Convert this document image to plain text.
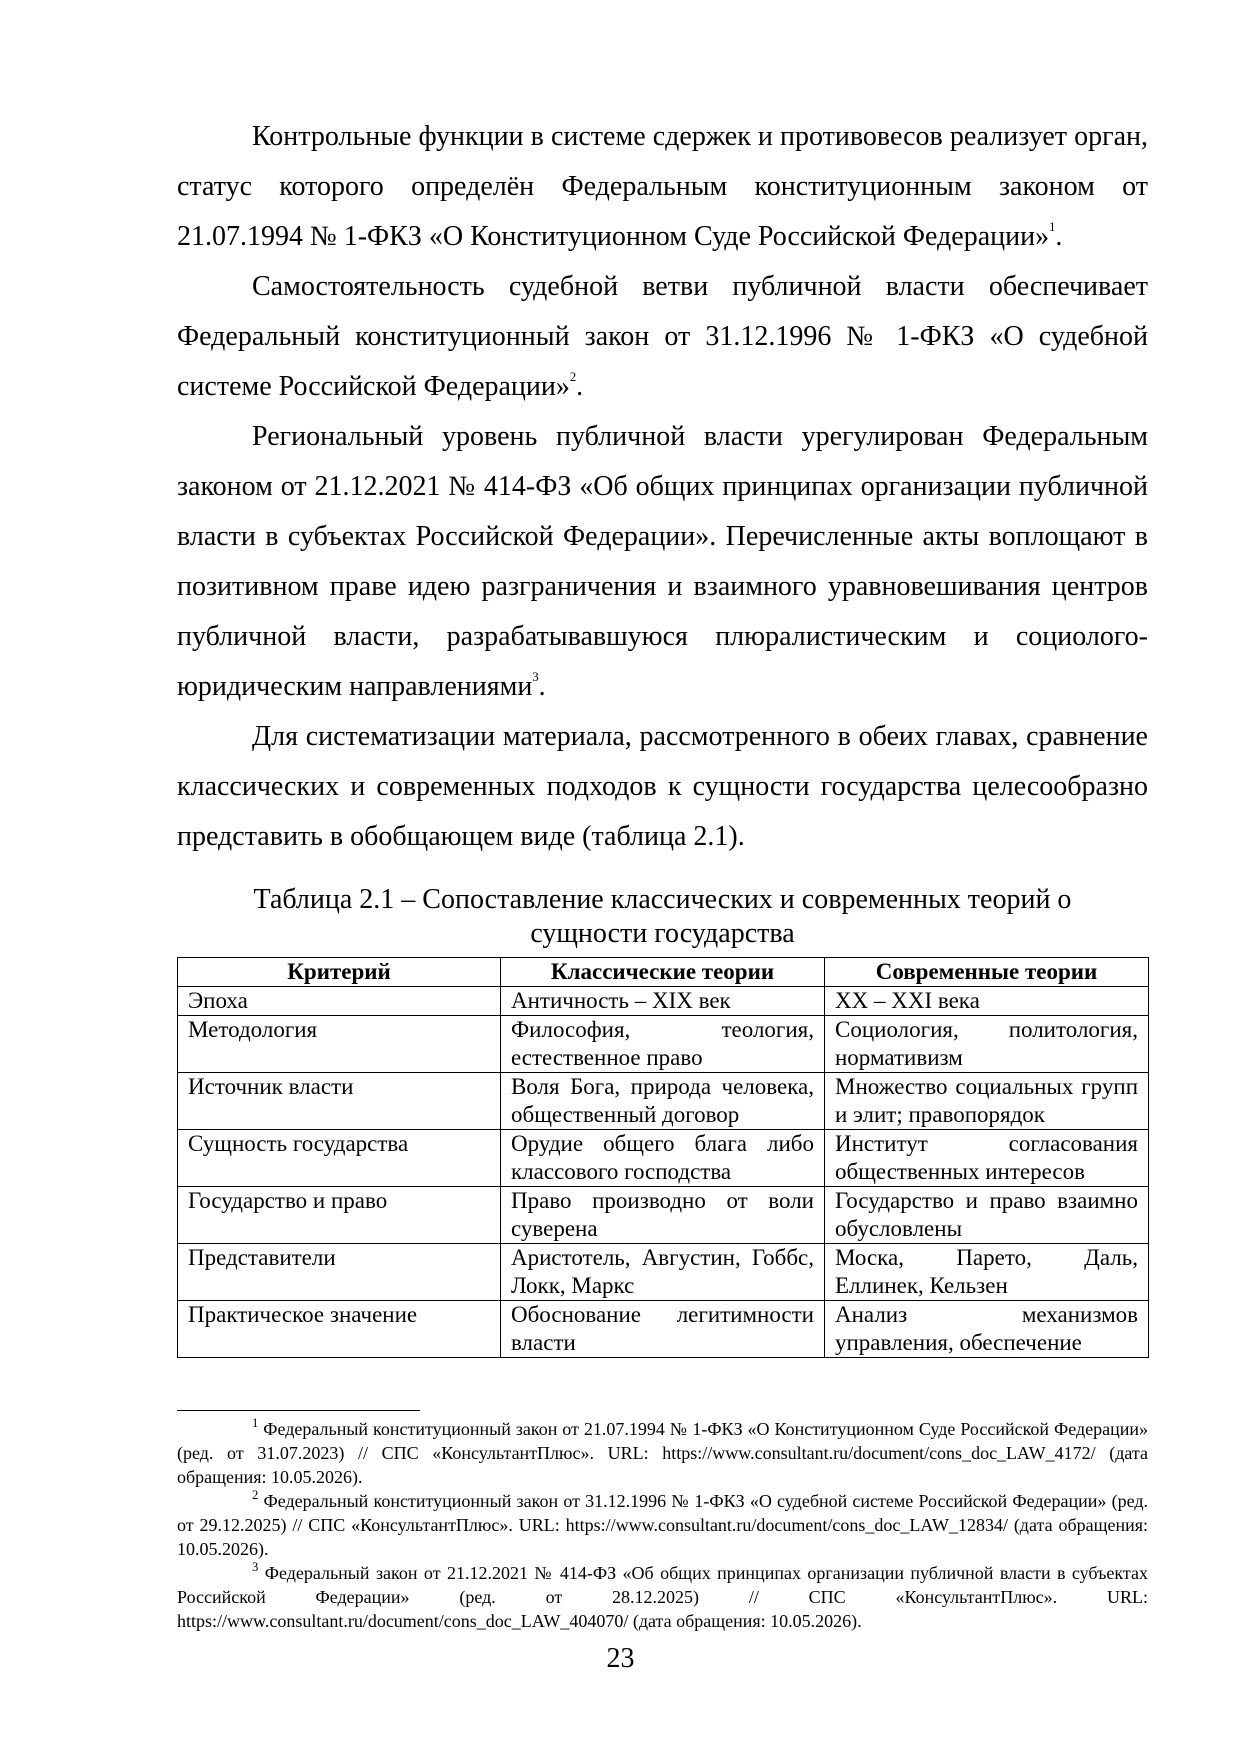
Контрольные функции в системе сдержек и противовесов реализует орган, статус которого определён Федеральным конституционным законом от 21.07.1994 № 1-ФКЗ «О Конституционном Суде Российской Федерации»$^1$.

Самостоятельность судебной ветви публичной власти обеспечивает Федеральный конституционный закон от 31.12.1996 № 1-ФКЗ «О судебной системе Российской Федерации»$^2$.

Региональный уровень публичной власти урегулирован Федеральным законом от 21.12.2021 № 414-ФЗ «Об общих принципах организации публичной власти в субъектах Российской Федерации». Перечисленные акты воплощают в позитивном праве идею разграничения и взаимного уравновешивания центров публичной власти, разрабатывавшуюся плюралистическим и социолого-юридическим направлениями$^3$.

Для систематизации материала, рассмотренного в обеих главах, сравнение классических и современных подходов к сущности государства целесообразно представить в обобщающем виде (таблица 2.1).

Таблица 2.1 – Сопоставление классических и современных теорий о
сущности государства
Критерий	Классические теории	Современные теории
Эпоха	Античность – XIX век	XX – XXI века
Методология	Философия, теология, естественное право	Социология, политология, нормативизм
Источник власти	Воля Бога, природа человека, общественный договор	Множество социальных групп и элит; правопорядок
Сущность государства	Орудие общего блага либо классового господства	Институт согласования общественных интересов
Государство и право	Право производно от воли суверена	Государство и право взаимно обусловлены
Представители	Аристотель, Августин, Гоббс, Локк, Маркс	Моска, Парето, Даль, Еллинек, Кельзен
Практическое значение	Обоснование легитимности власти	Анализ механизмов управления, обеспечение

$^1$ Федеральный конституционный закон от 21.07.1994 № 1-ФКЗ «О Конституционном Суде Российской Федерации» (ред. от 31.07.2023) // СПС «КонсультантПлюс». URL: https://www.consultant.ru/document/cons_doc_LAW_4172/ (дата обращения: 10.05.2026).

$^2$ Федеральный конституционный закон от 31.12.1996 № 1-ФКЗ «О судебной системе Российской Федерации» (ред. от 29.12.2025) // СПС «КонсультантПлюс». URL: https://www.consultant.ru/document/cons_doc_LAW_12834/ (дата обращения: 10.05.2026).

$^3$ Федеральный закон от 21.12.2021 № 414-ФЗ «Об общих принципах организации публичной власти в субъектах Российской Федерации» (ред. от 28.12.2025) // СПС «КонсультантПлюс». URL: https://www.consultant.ru/document/cons_doc_LAW_404070/ (дата обращения: 10.05.2026).

23
